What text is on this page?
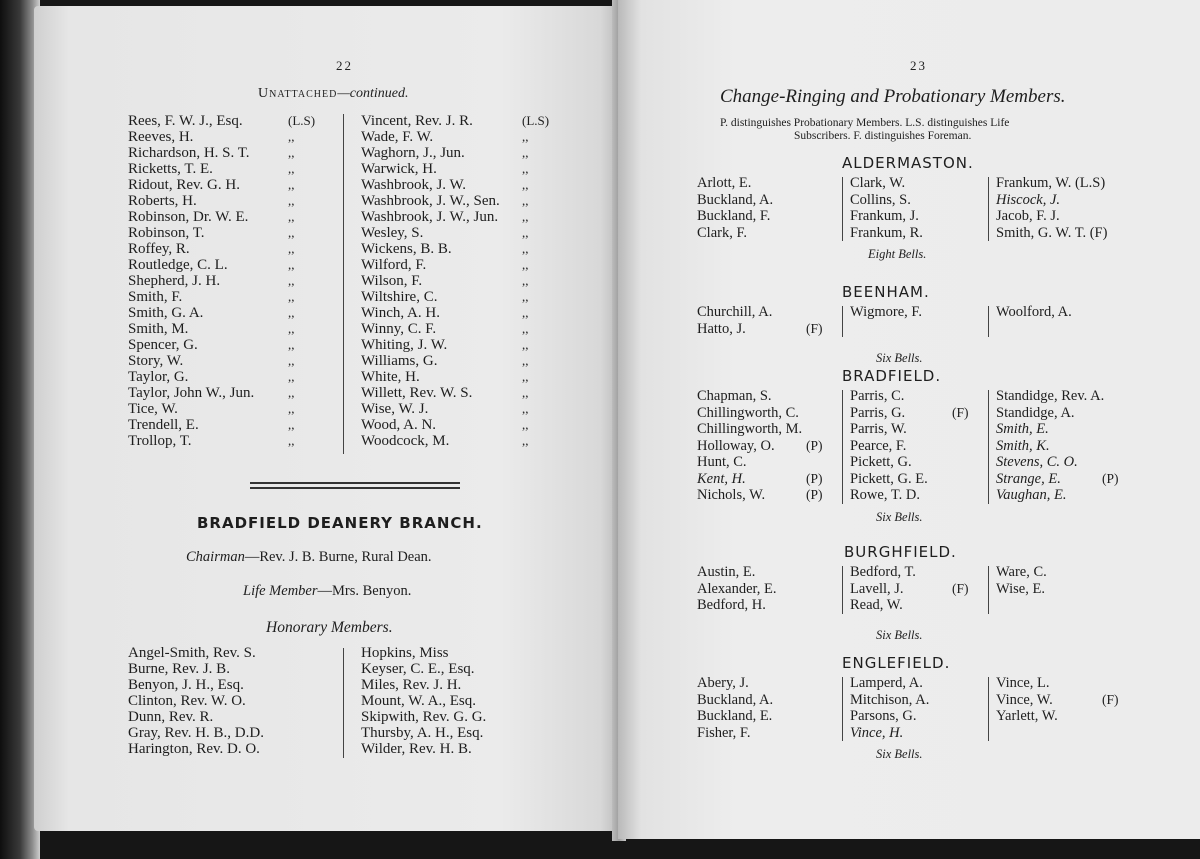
22
Unattached—continued.
Rees, F. W. J., Esq.
Reeves, H.
Richardson, H. S. T.
Ricketts, T. E.
Ridout, Rev. G. H.
Roberts, H.
Robinson, Dr. W. E.
Robinson, T.
Roffey, R.
Routledge, C. L.
Shepherd, J. H.
Smith, F.
Smith, G. A.
Smith, M.
Spencer, G.
Story, W.
Taylor, G.
Taylor, John W., Jun.
Tice, W.
Trendell, E.
Trollop, T.
(L.S)
,,
,,
,,
,,
,,
,,
,,
,,
,,
,,
,,
,,
,,
,,
,,
,,
,,
,,
,,
,,
Vincent, Rev. J. R.
Wade, F. W.
Waghorn, J., Jun.
Warwick, H.
Washbrook, J. W.
Washbrook, J. W., Sen.
Washbrook, J. W., Jun.
Wesley, S.
Wickens, B. B.
Wilford, F.
Wilson, F.
Wiltshire, C.
Winch, A. H.
Winny, C. F.
Whiting, J. W.
Williams, G.
White, H.
Willett, Rev. W. S.
Wise, W. J.
Wood, A. N.
Woodcock, M.
(L.S)
,,
,,
,,
,,
,,
,,
,,
,,
,,
,,
,,
,,
,,
,,
,,
,,
,,
,,
,,
,,
BRADFIELD DEANERY BRANCH.
Chairman—Rev. J. B. Burne, Rural Dean.
Life Member—Mrs. Benyon.
Honorary Members.
Angel-Smith, Rev. S.
Burne, Rev. J. B.
Benyon, J. H., Esq.
Clinton, Rev. W. O.
Dunn, Rev. R.
Gray, Rev. H. B., D.D.
Harington, Rev. D. O.
Hopkins, Miss
Keyser, C. E., Esq.
Miles, Rev. J. H.
Mount, W. A., Esq.
Skipwith, Rev. G. G.
Thursby, A. H., Esq.
Wilder, Rev. H. B.
23
Change-Ringing and Probationary Members.
P. distinguishes Probationary Members. L.S. distinguishes Life
Subscribers. F. distinguishes Foreman.
ALDERMASTON.
Arlott, E.
Buckland, A.
Buckland, F.
Clark, F.
Clark, W.
Collins, S.
Frankum, J.
Frankum, R.
Frankum, W. (L.S)
Hiscock, J.
Jacob, F. J.
Smith, G. W. T. (F)
Eight Bells.
BEENHAM.
Churchill, A.
Hatto, J.	(F)
Wigmore, F.	Woolford, A.
Six Bells.
BRADFIELD.
Chapman, S.
Chillingworth, C.
Chillingworth, M.
Holloway, O.
Hunt, C.
Kent, H.
Nichols, W.
(P)
(P)
(P)
Parris, C.
Parris, G.
Parris, W.
Pearce, F.
Pickett, G.
Pickett, G. E.
Rowe, T. D.
(F)
Standidge, Rev. A.
Standidge, A.
Smith, E.
Smith, K.
Stevens, C. O.
Strange, E.
Vaughan, E.
(P)
Six Bells.
BURGHFIELD.
Austin, E.
Alexander, E.
Bedford, H.
Bedford, T.
Lavell, J.
Read, W.
(F)
Ware, C.
Wise, E.
Six Bells.
ENGLEFIELD.
Abery, J.
Buckland, A.
Buckland, E.
Fisher, F.
Lamperd, A.
Mitchison, A.
Parsons, G.
Vince, H.
Vince, L.
Vince, W.
Yarlett, W.
(F)
Six Bells.
